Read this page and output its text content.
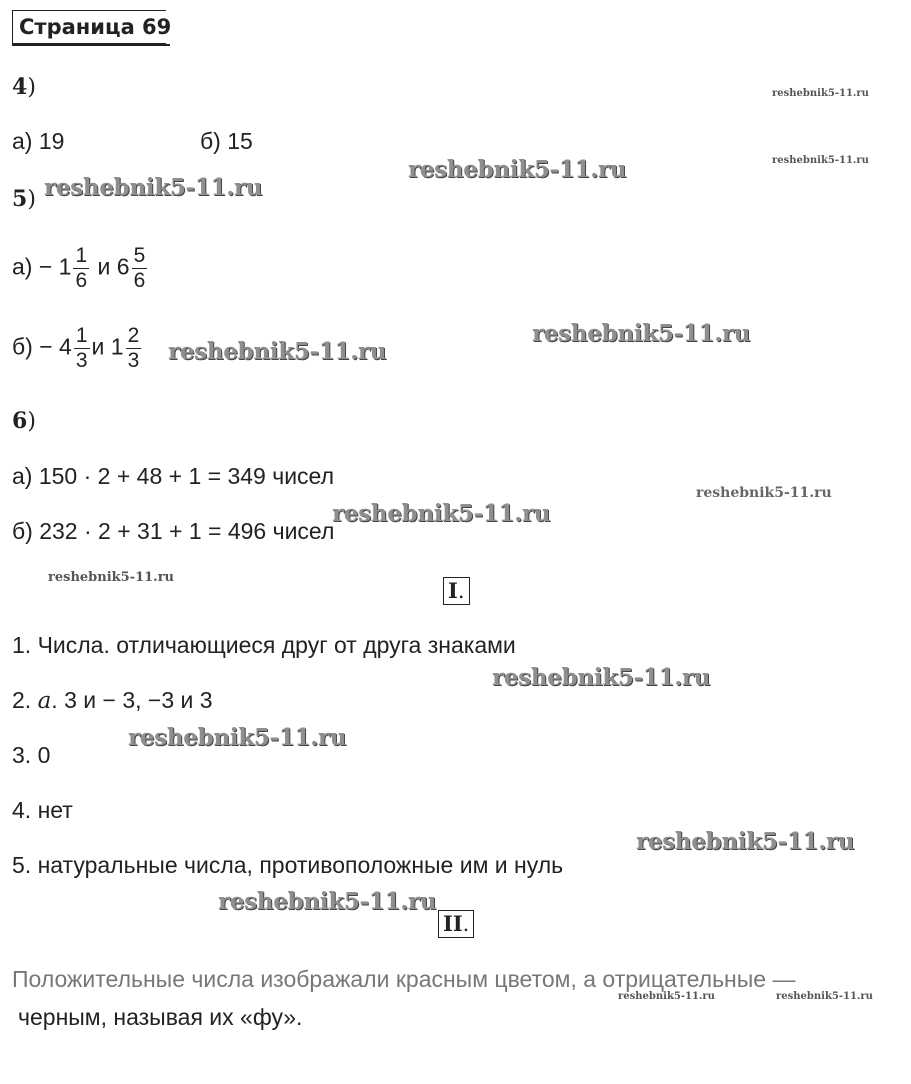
Страница 69
4)
а) 19	б) 15
5)
$а) - 1 \frac{1}{6}$ и $6 \frac{5}{6}$
$б) - 4 \frac{1}{3}$ и $1 \frac{2}{3}$
6)
а) 150 · 2 + 48 + 1 = 349 чисел
б) 232 · 2 + 31 + 1 = 496 чисел
I.
1. Числа. отличающиеся друг от друга знаками
2. a. 3 и − 3, −3 и 3
3. 0
4. нет
5. натуральные числа, противоположные им и нуль
II.
Положительные числа изображали красным цветом, а отрицательные —
черным, называя их «фу».
reshebnik5-11.ru
reshebnik5-11.ru
reshebnik5-11.ru
reshebnik5-11.ru
reshebnik5-11.ru
reshebnik5-11.ru
reshebnik5-11.ru
reshebnik5-11.ru
reshebnik5-11.ru
reshebnik5-11.ru
reshebnik5-11.ru
reshebnik5-11.ru
reshebnik5-11.ru
reshebnik5-11.ru	reshebnik5-11.ru
